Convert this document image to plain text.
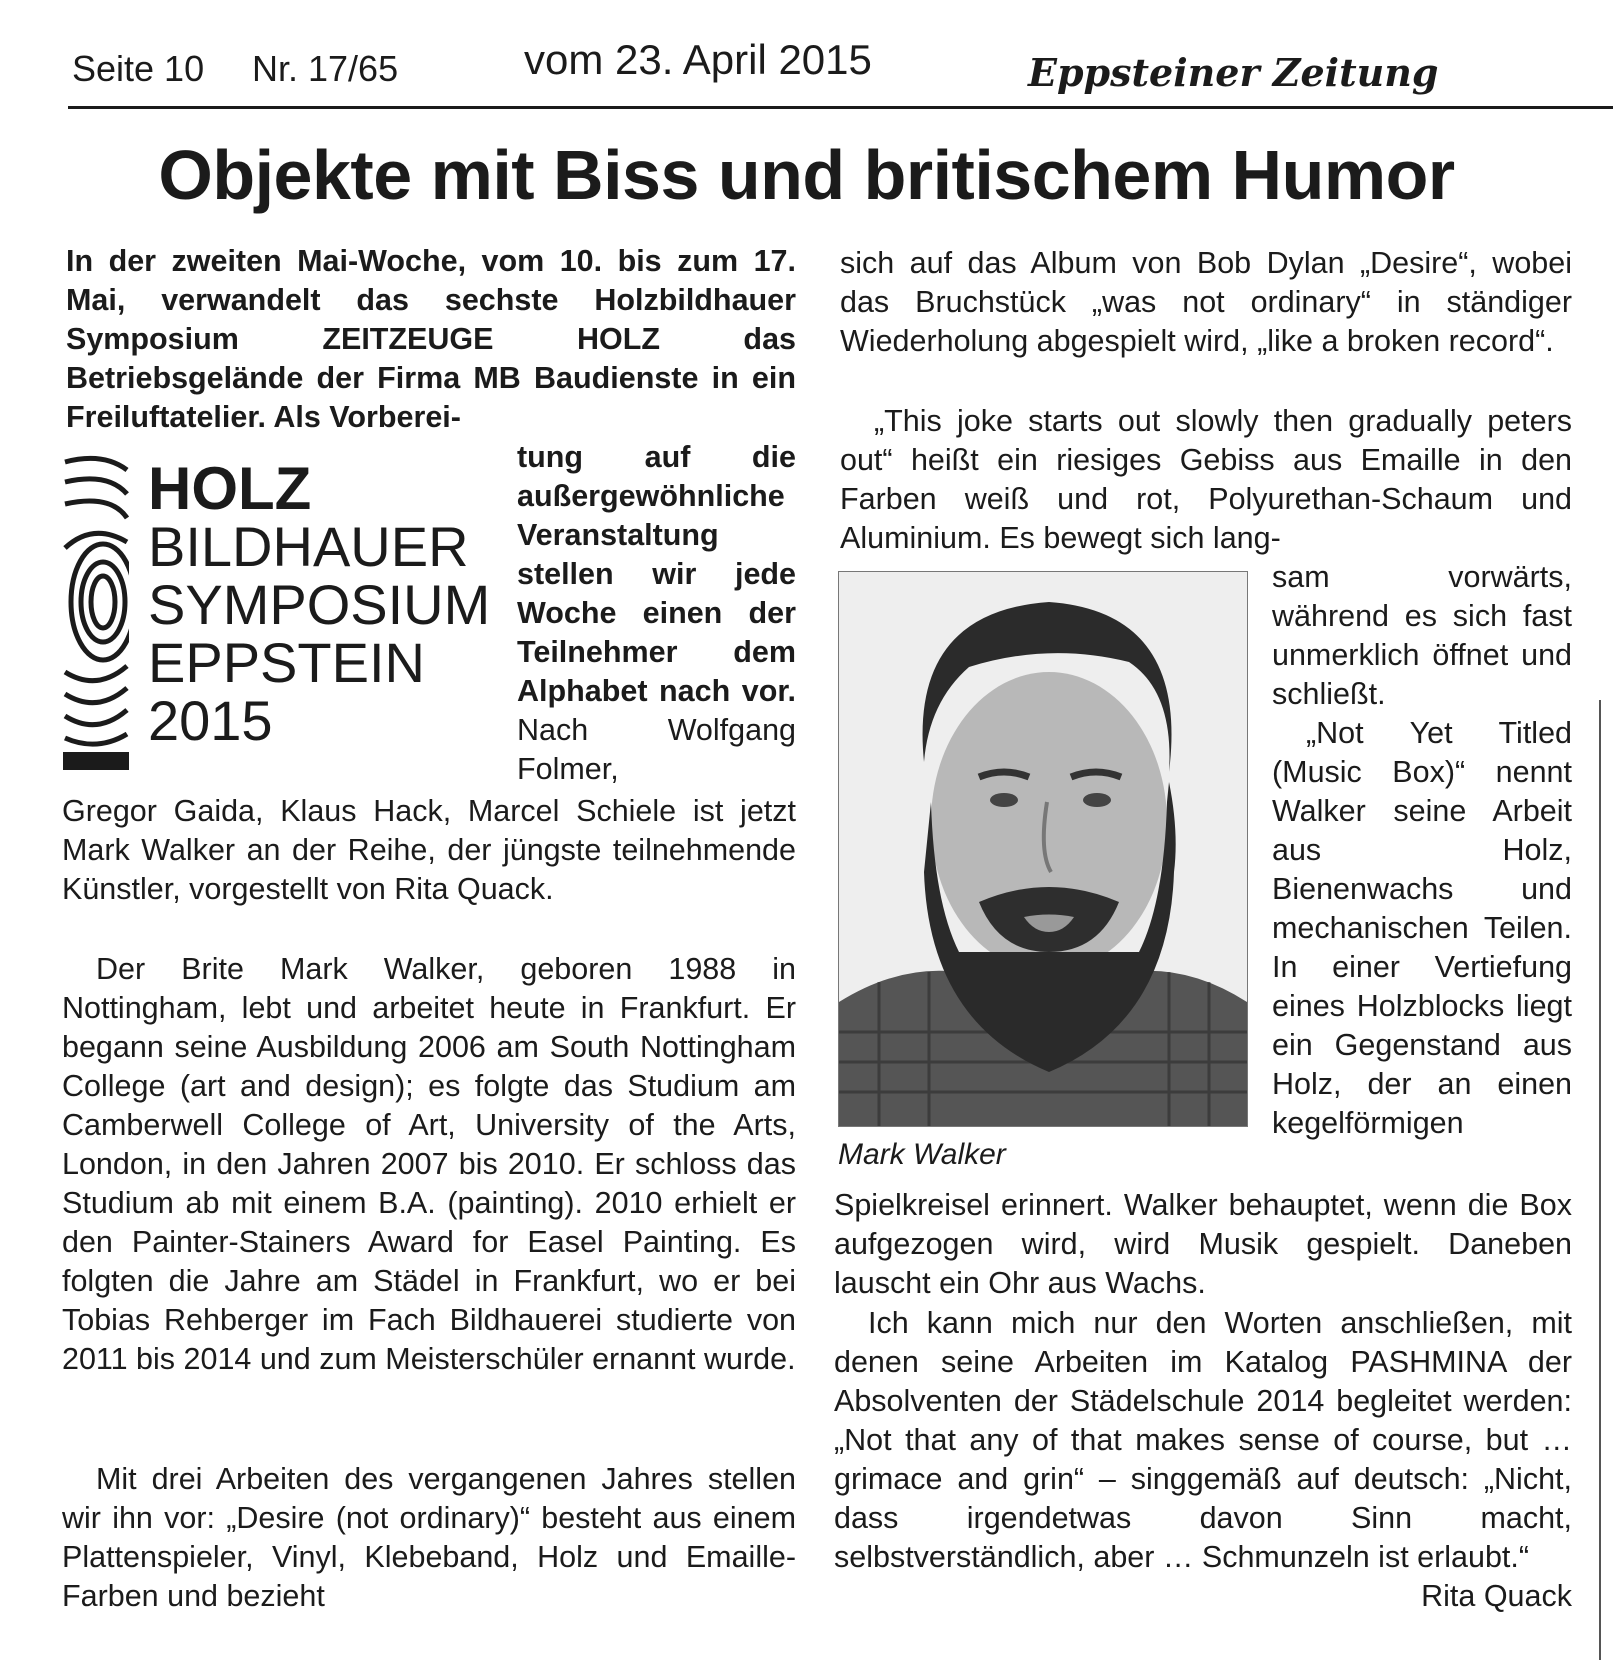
Seite 10 Nr. 17/65	vom 23. April 2015	Eppsteiner Zeitung
Objekte mit Biss und britischem Humor
In der zweiten Mai-Woche, vom 10. bis zum 17. Mai, verwandelt das sechste Holzbildhauer Symposium ZEITZEUGE HOLZ das Betriebsgelände der Firma MB Baudienste in ein Freiluftatelier. Als Vorberei-
HOLZ
BILDHAUER
SYMPOSIUM
EPPSTEIN
2015
tung auf die außergewöhnliche Veranstaltung stellen wir jede Woche einen der Teilnehmer dem Alphabet nach vor. Nach Wolfgang Folmer,
Gregor Gaida, Klaus Hack, Marcel Schiele ist jetzt Mark Walker an der Reihe, der jüngste teilnehmende Künstler, vorgestellt von Rita Quack.
Der Brite Mark Walker, geboren 1988 in Nottingham, lebt und arbeitet heute in Frankfurt. Er begann seine Ausbildung 2006 am South Nottingham College (art and design); es folgte das Studium am Camberwell College of Art, University of the Arts, London, in den Jahren 2007 bis 2010. Er schloss das Studium ab mit einem B.A. (painting). 2010 erhielt er den Painter-Stainers Award for Easel Painting. Es folgten die Jahre am Städel in Frankfurt, wo er bei Tobias Rehberger im Fach Bildhauerei studierte von 2011 bis 2014 und zum Meisterschüler ernannt wurde.
Mit drei Arbeiten des vergangenen Jahres stellen wir ihn vor: „Desire (not ordinary)“ besteht aus einem Plattenspieler, Vinyl, Klebeband, Holz und Emaille-Farben und bezieht
sich auf das Album von Bob Dylan „Desire“, wobei das Bruchstück „was not ordinary“ in ständiger Wiederholung abgespielt wird, „like a broken record“.
„This joke starts out slowly then gradually peters out“ heißt ein riesiges Gebiss aus Emaille in den Farben weiß und rot, Polyurethan-Schaum und Aluminium. Es bewegt sich lang-
Mark Walker
sam vorwärts, während es sich fast unmerklich öffnet und schließt.
„Not Yet Titled (Music Box)“ nennt Walker seine Arbeit aus Holz, Bienenwachs und mechanischen Teilen. In einer Vertiefung eines Holzblocks liegt ein Gegenstand aus Holz, der an einen kegelförmigen
Spielkreisel erinnert. Walker behauptet, wenn die Box aufgezogen wird, wird Musik gespielt. Daneben lauscht ein Ohr aus Wachs.
Ich kann mich nur den Worten anschließen, mit denen seine Arbeiten im Katalog PASHMINA der Absolventen der Städelschule 2014 begleitet werden: „Not that any of that makes sense of course, but … grimace and grin“ – singgemäß auf deutsch: „Nicht, dass irgendetwas davon Sinn macht, selbstverständlich, aber … Schmunzeln ist erlaubt.“
Rita Quack
